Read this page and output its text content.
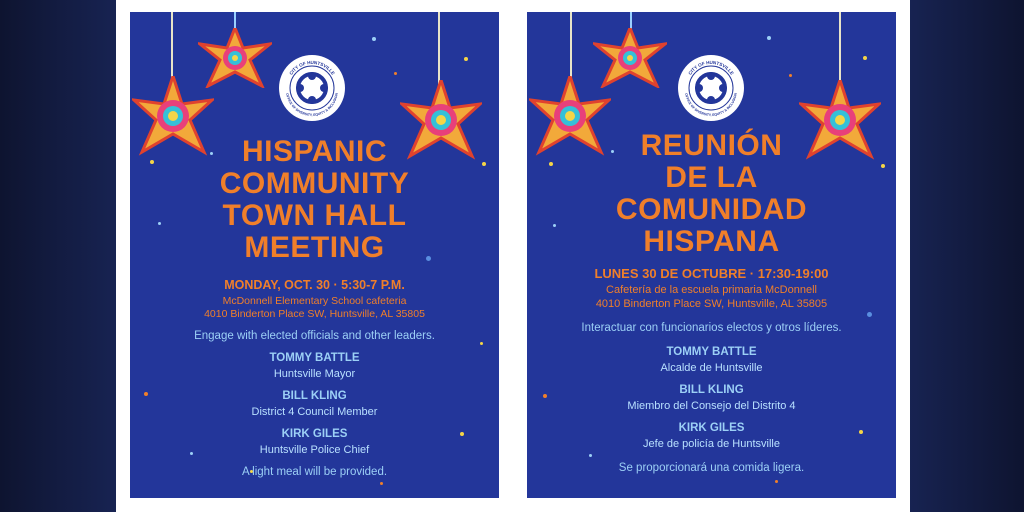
CITY OF HUNTSVILLE
OFFICE OF DIVERSITY, EQUITY & INCLUSION
HISPANIC
COMMUNITY
TOWN HALL
MEETING
MONDAY, OCT. 30 · 5:30-7 P.M.
McDonnell Elementary School cafeteria
4010 Binderton Place SW, Huntsville, AL 35805
Engage with elected officials and other leaders.
TOMMY BATTLE
Huntsville Mayor
BILL KLING
District 4 Council Member
KIRK GILES
Huntsville Police Chief
A light meal will be provided.
CITY OF HUNTSVILLE
OFFICE OF DIVERSITY, EQUITY & INCLUSION
REUNIÓN
DE LA
COMUNIDAD
HISPANA
LUNES 30 DE OCTUBRE · 17:30-19:00
Cafetería de la escuela primaria McDonnell
4010 Binderton Place SW, Huntsville, AL 35805
Interactuar con funcionarios electos y otros líderes.
TOMMY BATTLE
Alcalde de Huntsville
BILL KLING
Miembro del Consejo del Distrito 4
KIRK GILES
Jefe de policía de Huntsville
Se proporcionará una comida ligera.
